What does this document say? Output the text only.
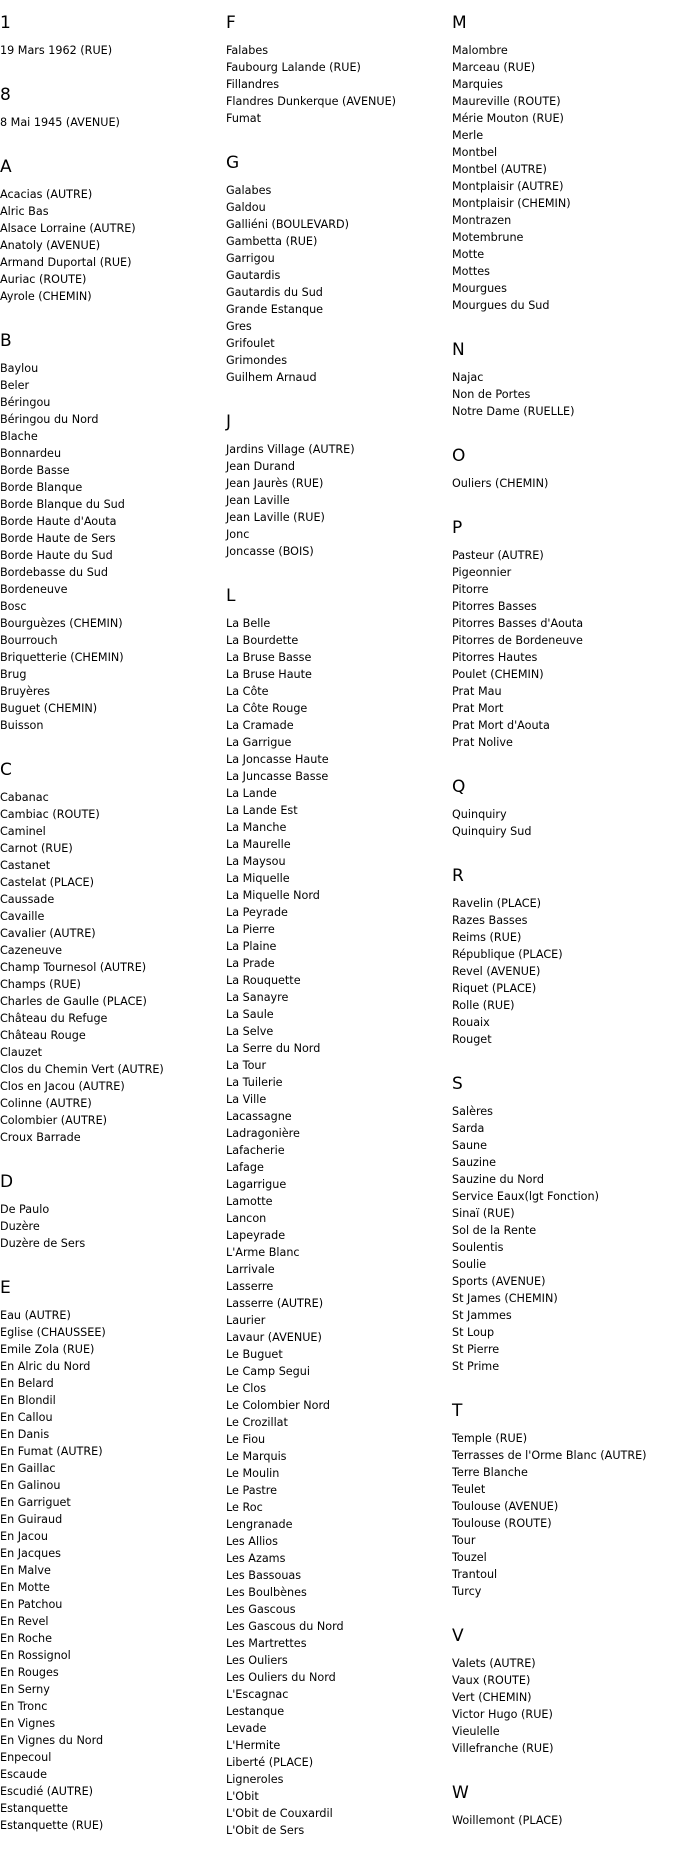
1
19 Mars 1962 (RUE)
8
8 Mai 1945 (AVENUE)
A
Acacias (AUTRE)
Alric Bas
Alsace Lorraine (AUTRE)
Anatoly (AVENUE)
Armand Duportal (RUE)
Auriac (ROUTE)
Ayrole (CHEMIN)
B
Baylou
Beler
Béringou
Béringou du Nord
Blache
Bonnardeu
Borde Basse
Borde Blanque
Borde Blanque du Sud
Borde Haute d'Aouta
Borde Haute de Sers
Borde Haute du Sud
Bordebasse du Sud
Bordeneuve
Bosc
Bourguèzes (CHEMIN)
Bourrouch
Briquetterie (CHEMIN)
Brug
Bruyères
Buguet (CHEMIN)
Buisson
C
Cabanac
Cambiac (ROUTE)
Caminel
Carnot (RUE)
Castanet
Castelat (PLACE)
Caussade
Cavaille
Cavalier (AUTRE)
Cazeneuve
Champ Tournesol (AUTRE)
Champs (RUE)
Charles de Gaulle (PLACE)
Château du Refuge
Château Rouge
Clauzet
Clos du Chemin Vert (AUTRE)
Clos en Jacou (AUTRE)
Colinne (AUTRE)
Colombier (AUTRE)
Croux Barrade
D
De Paulo
Duzère
Duzère de Sers
E
Eau (AUTRE)
Eglise (CHAUSSEE)
Emile Zola (RUE)
En Alric du Nord
En Belard
En Blondil
En Callou
En Danis
En Fumat (AUTRE)
En Gaillac
En Galinou
En Garriguet
En Guiraud
En Jacou
En Jacques
En Malve
En Motte
En Patchou
En Revel
En Roche
En Rossignol
En Rouges
En Serny
En Tronc
En Vignes
En Vignes du Nord
Enpecoul
Escaude
Escudié (AUTRE)
Estanquette
Estanquette (RUE)
F
Falabes
Faubourg Lalande (RUE)
Fillandres
Flandres Dunkerque (AVENUE)
Fumat
G
Galabes
Galdou
Galliéni (BOULEVARD)
Gambetta (RUE)
Garrigou
Gautardis
Gautardis du Sud
Grande Estanque
Gres
Grifoulet
Grimondes
Guilhem Arnaud
J
Jardins Village (AUTRE)
Jean Durand
Jean Jaurès (RUE)
Jean Laville
Jean Laville (RUE)
Jonc
Joncasse (BOIS)
L
La Belle
La Bourdette
La Bruse Basse
La Bruse Haute
La Côte
La Côte Rouge
La Cramade
La Garrigue
La Joncasse Haute
La Juncasse Basse
La Lande
La Lande Est
La Manche
La Maurelle
La Maysou
La Miquelle
La Miquelle Nord
La Peyrade
La Pierre
La Plaine
La Prade
La Rouquette
La Sanayre
La Saule
La Selve
La Serre du Nord
La Tour
La Tuilerie
La Ville
Lacassagne
Ladragonière
Lafacherie
Lafage
Lagarrigue
Lamotte
Lancon
Lapeyrade
L'Arme Blanc
Larrivale
Lasserre
Lasserre (AUTRE)
Laurier
Lavaur (AVENUE)
Le Buguet
Le Camp Segui
Le Clos
Le Colombier Nord
Le Crozillat
Le Fiou
Le Marquis
Le Moulin
Le Pastre
Le Roc
Lengranade
Les Allios
Les Azams
Les Bassouas
Les Boulbènes
Les Gascous
Les Gascous du Nord
Les Martrettes
Les Ouliers
Les Ouliers du Nord
L'Escagnac
Lestanque
Levade
L'Hermite
Liberté (PLACE)
Ligneroles
L'Obit
L'Obit de Couxardil
L'Obit de Sers
M
Malombre
Marceau (RUE)
Marquies
Maureville (ROUTE)
Mérie Mouton (RUE)
Merle
Montbel
Montbel (AUTRE)
Montplaisir (AUTRE)
Montplaisir (CHEMIN)
Montrazen
Motembrune
Motte
Mottes
Mourgues
Mourgues du Sud
N
Najac
Non de Portes
Notre Dame (RUELLE)
O
Ouliers (CHEMIN)
P
Pasteur (AUTRE)
Pigeonnier
Pitorre
Pitorres Basses
Pitorres Basses d'Aouta
Pitorres de Bordeneuve
Pitorres Hautes
Poulet (CHEMIN)
Prat Mau
Prat Mort
Prat Mort d'Aouta
Prat Nolive
Q
Quinquiry
Quinquiry Sud
R
Ravelin (PLACE)
Razes Basses
Reims (RUE)
République (PLACE)
Revel (AVENUE)
Riquet (PLACE)
Rolle (RUE)
Rouaix
Rouget
S
Salères
Sarda
Saune
Sauzine
Sauzine du Nord
Service Eaux(lgt Fonction)
Sinaï (RUE)
Sol de la Rente
Soulentis
Soulie
Sports (AVENUE)
St James (CHEMIN)
St Jammes
St Loup
St Pierre
St Prime
T
Temple (RUE)
Terrasses de l'Orme Blanc (AUTRE)
Terre Blanche
Teulet
Toulouse (AVENUE)
Toulouse (ROUTE)
Tour
Touzel
Trantoul
Turcy
V
Valets (AUTRE)
Vaux (ROUTE)
Vert (CHEMIN)
Victor Hugo (RUE)
Vieulelle
Villefranche (RUE)
W
Woillemont (PLACE)
